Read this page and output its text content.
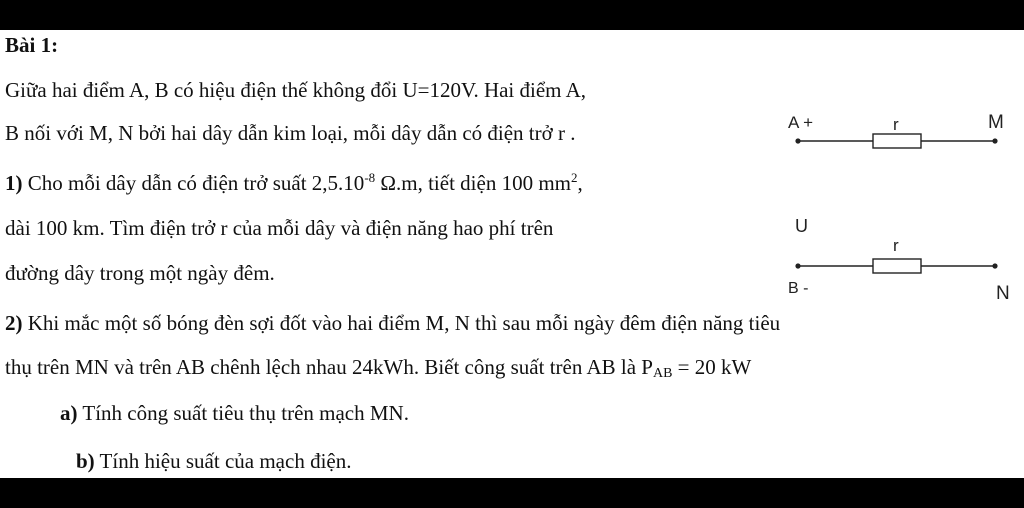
Bài 1:
Giữa hai điểm A, B có hiệu điện thế không đổi U=120V. Hai điểm A,
B nối với M, N bởi hai dây dẫn kim loại, mỗi dây dẫn có điện trở r .
1) Cho mỗi dây dẫn có điện trở suất $2,5.10^{-8}$ Ω.m, tiết diện 100 $mm^2$,
dài 100 km. Tìm điện trở r của mỗi dây và điện năng hao phí trên
đường dây trong một ngày đêm.
2) Khi mắc một số bóng đèn sợi đốt vào hai điểm M, N thì sau mỗi ngày đêm điện năng tiêu
thụ trên MN và trên AB chênh lệch nhau 24kWh. Biết công suất trên AB là $P_{AB} = 20$ kW
a) Tính công suất tiêu thụ trên mạch MN.
b) Tính hiệu suất của mạch điện.
A +	r	M
U
r
B -	N
